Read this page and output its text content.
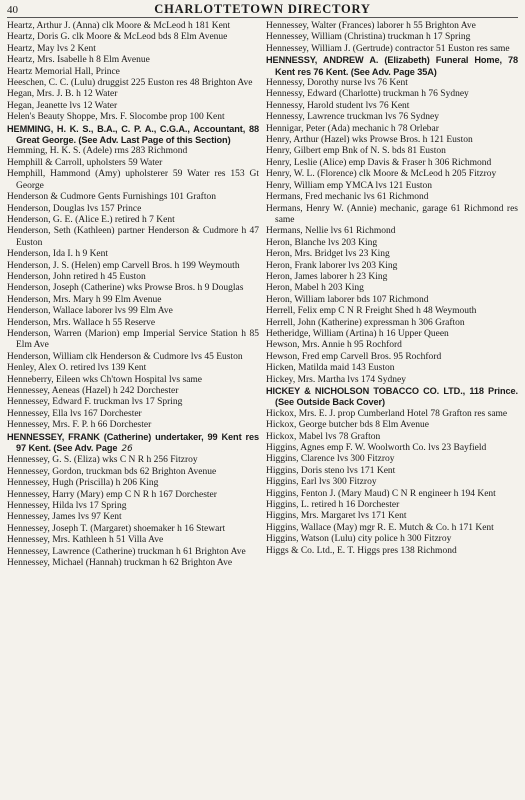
40	CHARLOTTETOWN DIRECTORY
Heartz, Arthur J. (Anna) clk Moore & McLeod h 181 Kent
Heartz, Doris G. clk Moore & McLeod bds 8 Elm Avenue
Heartz, May lvs 2 Kent
Heartz, Mrs. Isabelle h 8 Elm Avenue
Heartz Memorial Hall, Prince
Heeschen, C. C. (Lulu) druggist 225 Euston res 48 Brighton Ave
Hegan, Mrs. J. B. h 12 Water
Hegan, Jeanette lvs 12 Water
Helen's Beauty Shoppe, Mrs. F. Slocombe prop 100 Kent
HEMMING, H. K. S., B.A., C. P. A., C.G.A., Accountant, 88 Great George. (See Adv. Last Page of this Section)
Hemming, H. K. S. (Adele) rms 283 Richmond
Hemphill & Carroll, upholsters 59 Water
Hemphill, Hammond (Amy) upholsterer 59 Water res 153 Gt George
Henderson & Cudmore Gents Furnishings 101 Grafton
Henderson, Douglas lvs 157 Prince
Henderson, G. E. (Alice E.) retired h 7 Kent
Henderson, Seth (Kathleen) partner Henderson & Cudmore h 47 Euston
Henderson, Ida I. h 9 Kent
Henderson, J. S. (Helen) emp Carvell Bros. h 199 Weymouth
Henderson, John retired h 45 Euston
Henderson, Joseph (Catherine) wks Prowse Bros. h 9 Douglas
Henderson, Mrs. Mary h 99 Elm Avenue
Henderson, Wallace laborer lvs 99 Elm Ave
Henderson, Mrs. Wallace h 55 Reserve
Henderson, Warren (Marion) emp Imperial Service Station h 85 Elm Ave
Henderson, William clk Henderson & Cudmore lvs 45 Euston
Henley, Alex O. retired lvs 139 Kent
Henneberry, Eileen wks Ch'town Hospital lvs same
Hennessey, Aeneas (Hazel) h 242 Dorchester
Hennessey, Edward F. truckman lvs 17 Spring
Hennessey, Ella lvs 167 Dorchester
Hennessey, Mrs. F. P. h 66 Dorchester
HENNESSEY, FRANK (Catherine) undertaker, 99 Kent res 97 Kent. (See Adv. Page 26
Hennessey, G. S. (Eliza) wks C N R h 256 Fitzroy
Hennessey, Gordon, truckman bds 62 Brighton Avenue
Hennessey, Hugh (Priscilla) h 206 King
Hennessey, Harry (Mary) emp C N R h 167 Dorchester
Hennessey, Hilda lvs 17 Spring
Hennessey, James lvs 97 Kent
Hennessey, Joseph T. (Margaret) shoemaker h 16 Stewart
Hennessey, Mrs. Kathleen h 51 Villa Ave
Hennessey, Lawrence (Catherine) truckman h 61 Brighton Ave
Hennessey, Michael (Hannah) truckman h 62 Brighton Ave
Hennessey, Walter (Frances) laborer h 55 Brighton Ave
Hennessey, William (Christina) truckman h 17 Spring
Hennessey, William J. (Gertrude) contractor 51 Euston res same
HENNESSY, ANDREW A. (Elizabeth) Funeral Home, 78 Kent res 76 Kent. (See Adv. Page 35A)
Hennessy, Dorothy nurse lvs 76 Kent
Hennessy, Edward (Charlotte) truckman h 76 Sydney
Hennessy, Harold student lvs 76 Kent
Hennessy, Lawrence truckman lvs 76 Sydney
Hennigar, Peter (Ada) mechanic h 78 Orlebar
Henry, Arthur (Hazel) wks Prowse Bros. h 121 Euston
Henry, Gilbert emp Bnk of N. S. bds 81 Euston
Henry, Leslie (Alice) emp Davis & Fraser h 306 Richmond
Henry, W. L. (Florence) clk Moore & McLeod h 205 Fitzroy
Henry, William emp YMCA lvs 121 Euston
Hermans, Fred mechanic lvs 61 Richmond
Hermans, Henry W. (Annie) mechanic, garage 61 Richmond res same
Hermans, Nellie lvs 61 Richmond
Heron, Blanche lvs 203 King
Heron, Mrs. Bridget lvs 23 King
Heron, Frank laborer lvs 203 King
Heron, James laborer h 23 King
Heron, Mabel h 203 King
Heron, William laborer bds 107 Richmond
Herrell, Felix emp C N R Freight Shed h 48 Weymouth
Herrell, John (Katherine) expressman h 306 Grafton
Hetheridge, William (Artina) h 16 Upper Queen
Hewson, Mrs. Annie h 95 Rochford
Hewson, Fred emp Carvell Bros. 95 Rochford
Hicken, Matilda maid 143 Euston
Hickey, Mrs. Martha lvs 174 Sydney
HICKEY & NICHOLSON TOBACCO CO. LTD., 118 Prince. (See Outside Back Cover)
Hickox, Mrs. E. J. prop Cumberland Hotel 78 Grafton res same
Hickox, George butcher bds 8 Elm Avenue
Hickox, Mabel lvs 78 Grafton
Higgins, Agnes emp F. W. Woolworth Co. lvs 23 Bayfield
Higgins, Clarence lvs 300 Fitzroy
Higgins, Doris steno lvs 171 Kent
Higgins, Earl lvs 300 Fitzroy
Higgins, Fenton J. (Mary Maud) C N R engineer h 194 Kent
Higgins, L. retired h 16 Dorchester
Higgins, Mrs. Margaret lvs 171 Kent
Higgins, Wallace (May) mgr R. E. Mutch & Co. h 171 Kent
Higgins, Watson (Lulu) city police h 300 Fitzroy
Higgs & Co. Ltd., E. T. Higgs pres 138 Richmond
